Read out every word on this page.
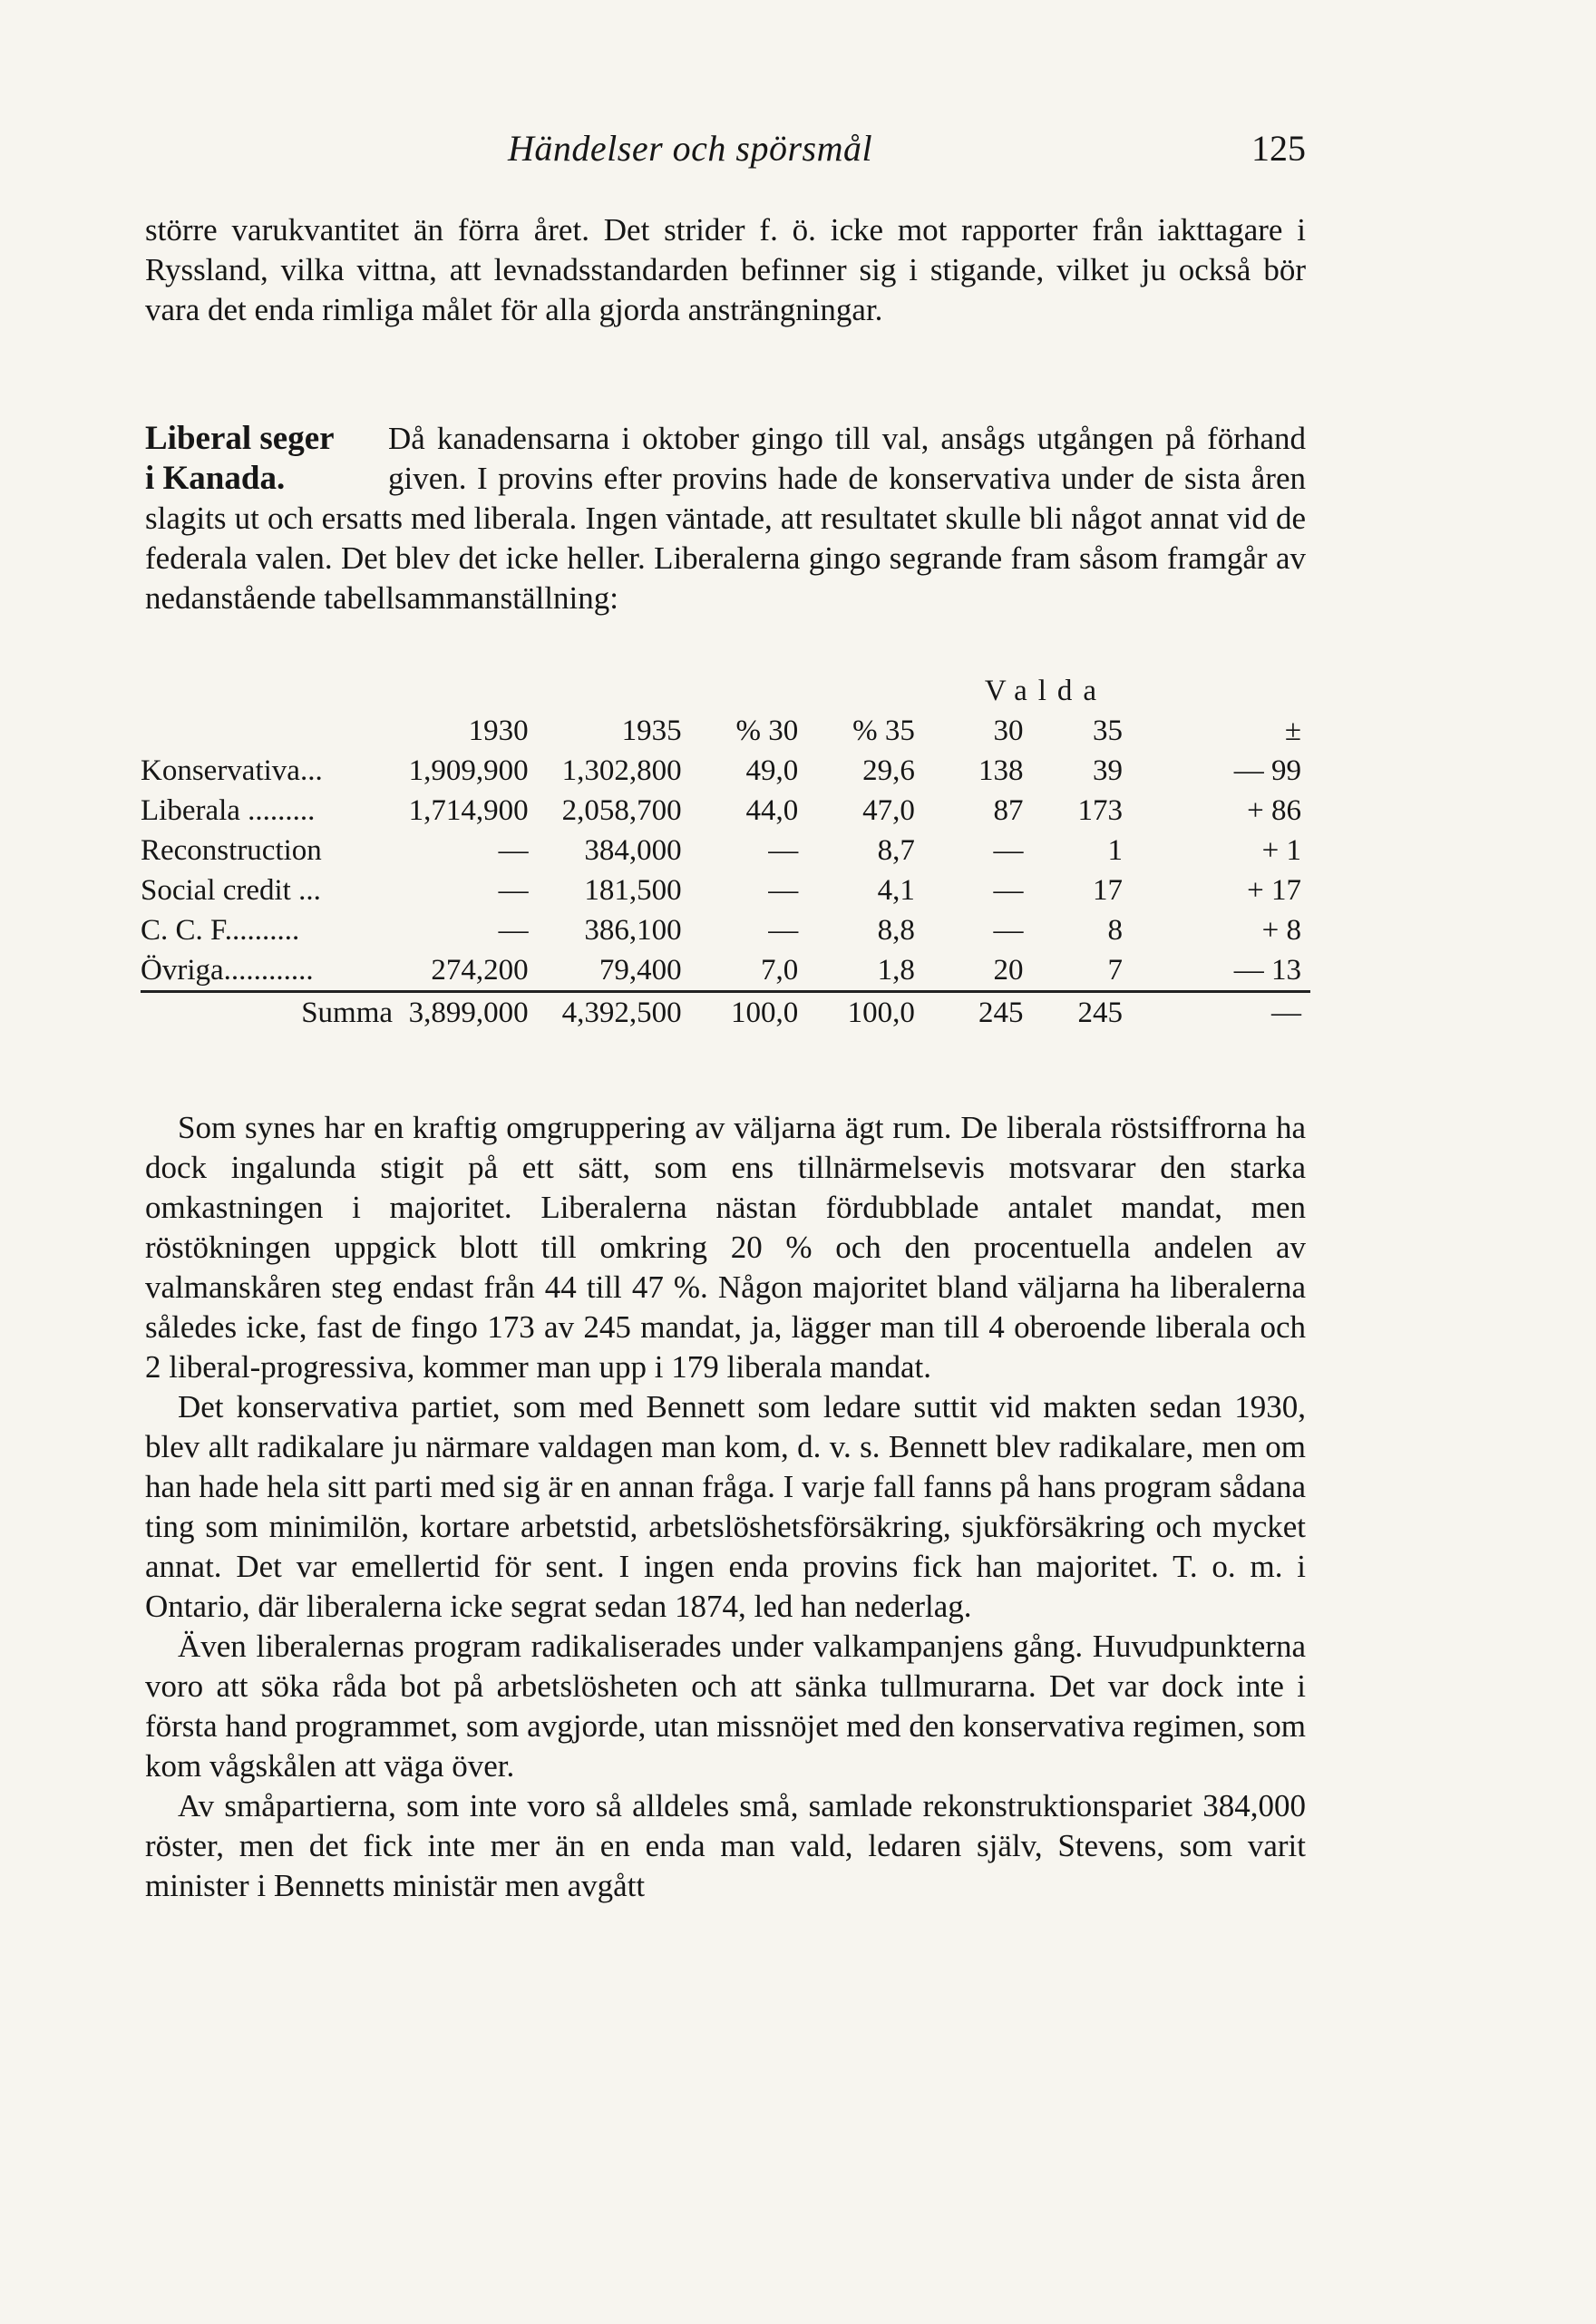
Händelser och spörsmål	125
större varukvantitet än förra året. Det strider f. ö. icke mot rapporter från iakttagare i Ryssland, vilka vittna, att levnadsstandarden befinner sig i stigande, vilket ju också bör vara det enda rimliga målet för alla gjorda ansträngningar.
Liberal seger
i Kanada.
Då kanadensarna i oktober gingo till val, ansågs utgången på förhand given. I provins efter provins hade de konservativa under de sista åren slagits ut och ersatts med liberala. Ingen väntade, att resultatet skulle bli något annat vid de federala valen. Det blev det icke heller. Liberalerna gingo segrande fram såsom framgår av nedanstående tabellsammanställning:
					Valda		
	1930	1935	% 30	% 35	30	35	±
Konservativa...	1,909,900	1,302,800	49,0	29,6	138	39	— 99
Liberala .........	1,714,900	2,058,700	44,0	47,0	87	173	+ 86
Reconstruction	—	384,000	—	8,7	—	1	+ 1
Social credit ...	—	181,500	—	4,1	—	17	+ 17
C. C. F..........	—	386,100	—	8,8	—	8	+ 8
Övriga............	274,200	79,400	7,0	1,8	20	7	— 13
Summa	3,899,000	4,392,500	100,0	100,0	245	245	—

Som synes har en kraftig omgruppering av väljarna ägt rum. De liberala röstsiffrorna ha dock ingalunda stigit på ett sätt, som ens tillnärmelsevis motsvarar den starka omkastningen i majoritet. Liberalerna nästan fördubblade antalet mandat, men röstökningen uppgick blott till omkring 20 % och den procentuella andelen av valmanskåren steg endast från 44 till 47 %. Någon majoritet bland väljarna ha liberalerna således icke, fast de fingo 173 av 245 mandat, ja, lägger man till 4 oberoende liberala och 2 liberal-progressiva, kommer man upp i 179 liberala mandat.

Det konservativa partiet, som med Bennett som ledare suttit vid makten sedan 1930, blev allt radikalare ju närmare valdagen man kom, d. v. s. Bennett blev radikalare, men om han hade hela sitt parti med sig är en annan fråga. I varje fall fanns på hans program sådana ting som minimilön, kortare arbetstid, arbetslöshetsförsäkring, sjukförsäkring och mycket annat. Det var emellertid för sent. I ingen enda provins fick han majoritet. T. o. m. i Ontario, där liberalerna icke segrat sedan 1874, led han nederlag.

Även liberalernas program radikaliserades under valkampanjens gång. Huvudpunkterna voro att söka råda bot på arbetslösheten och att sänka tullmurarna. Det var dock inte i första hand programmet, som avgjorde, utan missnöjet med den konservativa regimen, som kom vågskålen att väga över.

Av småpartierna, som inte voro så alldeles små, samlade rekonstruktionspariet 384,000 röster, men det fick inte mer än en enda man vald, ledaren själv, Stevens, som varit minister i Bennetts ministär men avgått
